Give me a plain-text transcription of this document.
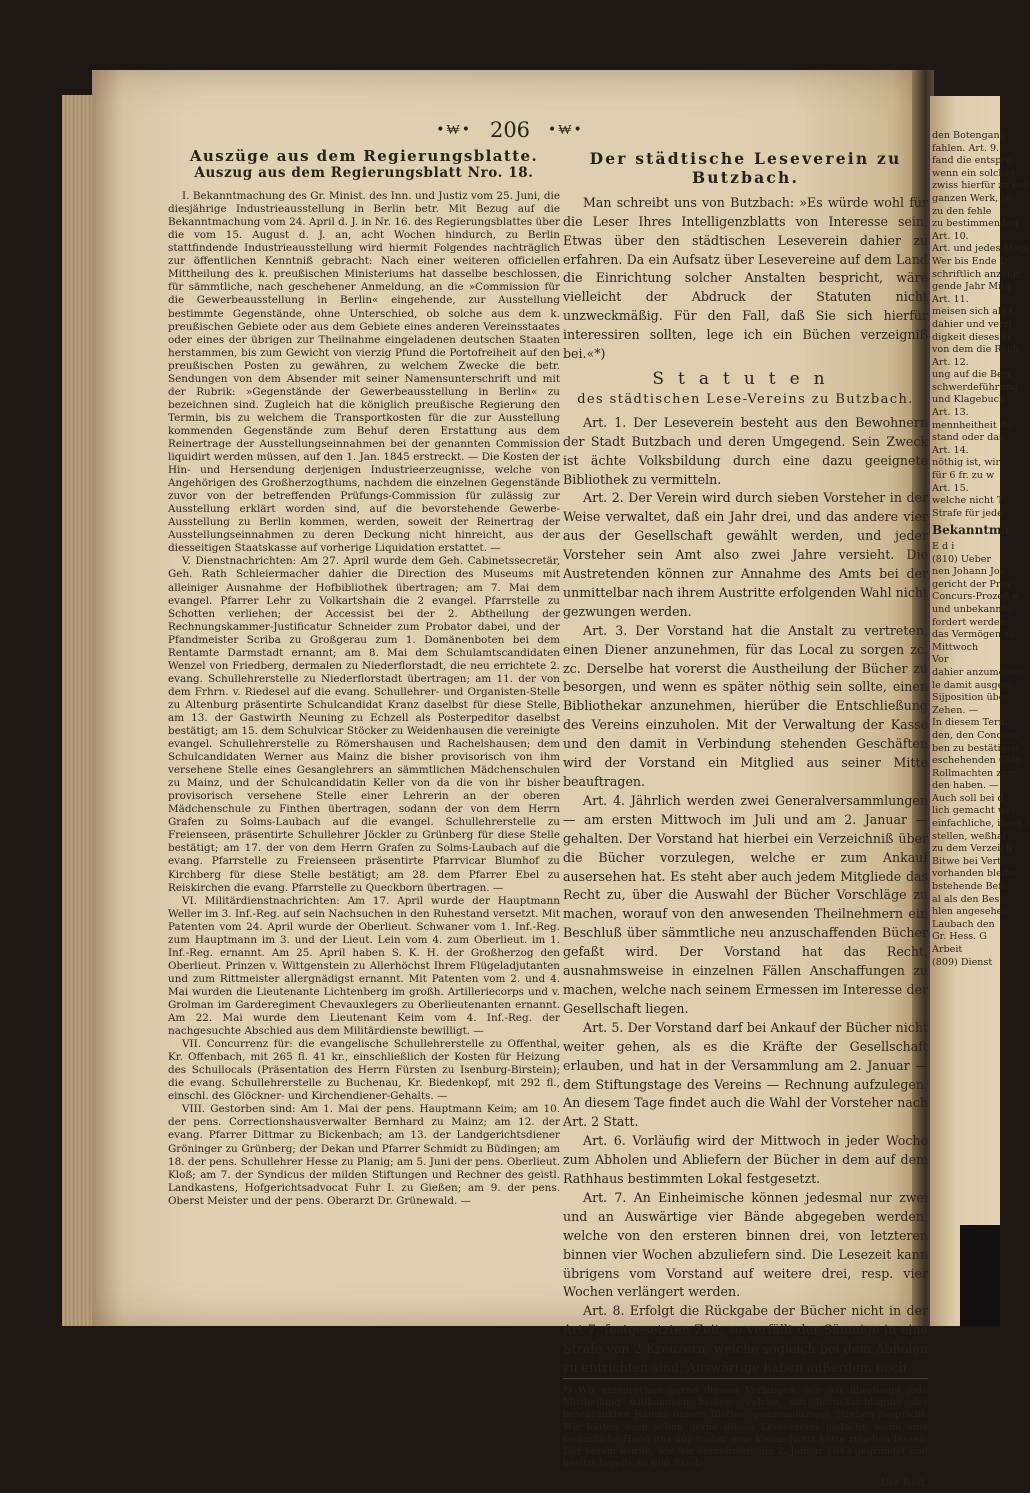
•₩• 206 •₩•
Auszüge aus dem Regierungsblatte.
Auszug aus dem Regierungsblatt Nro. 18.

I. Bekanntmachung des Gr. Minist. des Inn. und Justiz vom 25. Juni, die diesjährige Industrieausstellung in Berlin betr. Mit Bezug auf die Bekanntmachung vom 24. April d. J. in Nr. 16. des Regierungsblattes über die vom 15. August d. J. an, acht Wochen hindurch, zu Berlin stattfindende Industrieausstellung wird hiermit Folgendes nachträglich zur öffentlichen Kenntniß gebracht: Nach einer weiteren officiellen Mittheilung des k. preußischen Ministeriums hat dasselbe beschlossen, für sämmtliche, nach geschehener Anmeldung, an die »Commission für die Gewerbeausstellung in Berlin« eingehende, zur Ausstellung bestimmte Gegenstände, ohne Unterschied, ob solche aus dem k. preußischen Gebiete oder aus dem Gebiete eines anderen Vereinsstaates oder eines der übrigen zur Theilnahme eingeladenen deutschen Staaten herstammen, bis zum Gewicht von vierzig Pfund die Portofreiheit auf den preußischen Posten zu gewähren, zu welchem Zwecke die betr. Sendungen von dem Absender mit seiner Namensunterschrift und mit der Rubrik: »Gegenstände der Gewerbeausstellung in Berlin« zu bezeichnen sind. Zugleich hat die königlich preußische Regierung den Termin, bis zu welchem die Transportkosten für die zur Ausstellung kommenden Gegenstände zum Behuf deren Erstattung aus dem Reinertrage der Ausstellungseinnahmen bei der genannten Commission liquidirt werden müssen, auf den 1. Jan. 1845 erstreckt. — Die Kosten der Hin- und Hersendung derjenigen Industrieerzeugnisse, welche von Angehörigen des Großherzogthums, nachdem die einzelnen Gegenstände zuvor von der betreffenden Prüfungs-Commission für zulässig zur Ausstellung erklärt worden sind, auf die bevorstehende Gewerbe-Ausstellung zu Berlin kommen, werden, soweit der Reinertrag der Ausstellungseinnahmen zu deren Deckung nicht hinreicht, aus der diesseitigen Staatskasse auf vorherige Liquidation erstattet. —

V. Dienstnachrichten: Am 27. April wurde dem Geh. Cabinetssecretär, Geh. Rath Schleiermacher dahier die Direction des Museums mit alleiniger Ausnahme der Hofbibliothek übertragen; am 7. Mai dem evangel. Pfarrer Lehr zu Volkartshain die 2 evangel. Pfarrstelle zu Schotten verliehen; der Accessist bei der 2. Abtheilung der Rechnungskammer-Justificatur Schneider zum Probator dabei, und der Pfandmeister Scriba zu Großgerau zum 1. Domänenboten bei dem Rentamte Darmstadt ernannt; am 8. Mai dem Schulamtscandidaten Wenzel von Friedberg, dermalen zu Niederflorstadt, die neu errichtete 2. evang. Schullehrerstelle zu Niederflorstadt übertragen; am 11. der von dem Frhrn. v. Riedesel auf die evang. Schullehrer- und Organisten-Stelle zu Altenburg präsentirte Schulcandidat Kranz daselbst für diese Stelle, am 13. der Gastwirth Neuning zu Echzell als Posterpeditor daselbst bestätigt; am 15. dem Schulvicar Stöcker zu Weidenhausen die vereinigte evangel. Schullehrerstelle zu Römershausen und Rachelshausen; dem Schulcandidaten Werner aus Mainz die bisher provisorisch von ihm versehene Stelle eines Gesanglehrers an sämmtlichen Mädchenschulen zu Mainz, und der Schulcandidatin Keller von da die von ihr bisher provisorisch versehene Stelle einer Lehrerin an der oberen Mädchenschule zu Finthen übertragen, sodann der von dem Herrn Grafen zu Solms-Laubach auf die evangel. Schullehrerstelle zu Freienseen, präsentirte Schullehrer Jöckler zu Grünberg für diese Stelle bestätigt; am 17. der von dem Herrn Grafen zu Solms-Laubach auf die evang. Pfarrstelle zu Freienseen präsentirte Pfarrvicar Blumhof zu Kirchberg für diese Stelle bestätigt; am 28. dem Pfarrer Ebel zu Reiskirchen die evang. Pfarrstelle zu Queckborn übertragen. —

VI. Militärdienstnachrichten: Am 17. April wurde der Hauptmann Weller im 3. Inf.-Reg. auf sein Nachsuchen in den Ruhestand versetzt. Mit Patenten vom 24. April wurde der Oberlieut. Schwaner vom 1. Inf.-Reg. zum Hauptmann im 3. und der Lieut. Lein vom 4. zum Oberlieut. im 1. Inf.-Reg. ernannt. Am 25. April haben S. K. H. der Großherzog den Oberlieut. Prinzen v. Wittgenstein zu Allerhöchst Ihrem Flügeladjutanten und zum Rittmeister allergnädigst ernannt. Mit Patenten vom 2. und 4. Mai wurden die Lieutenante Lichtenberg im großh. Artilleriecorps und v. Grolman im Garderegiment Chevauxlegers zu Oberlieutenanten ernannt. Am 22. Mai wurde dem Lieutenant Keim vom 4. Inf.-Reg. der nachgesuchte Abschied aus dem Militärdienste bewilligt. —

VII. Concurrenz für: die evangelische Schullehrerstelle zu Offenthal, Kr. Offenbach, mit 265 fl. 41 kr., einschließlich der Kosten für Heizung des Schullocals (Präsentation des Herrn Fürsten zu Isenburg-Birstein); die evang. Schullehrerstelle zu Buchenau, Kr. Biedenkopf, mit 292 fl., einschl. des Glöckner- und Kirchendiener-Gehalts. —

VIII. Gestorben sind: Am 1. Mai der pens. Hauptmann Keim; am 10. der pens. Correctionshausverwalter Bernhard zu Mainz; am 12. der evang. Pfarrer Dittmar zu Bickenbach; am 13. der Landgerichtsdiener Gröninger zu Grünberg; der Dekan und Pfarrer Schmidt zu Büdingen; am 18. der pens. Schullehrer Hesse zu Planig; am 5. Juni der pens. Oberlieut. Kloß; am 7. der Syndicus der milden Stiftungen und Rechner des geistl. Landkastens, Hofgerichtsadvocat Fuhr I. zu Gießen; am 9. der pens. Oberst Meister und der pens. Oberarzt Dr. Grünewald. —

Der städtische Leseverein zu Butzbach.

Man schreibt uns von Butzbach: »Es würde wohl für die Leser Ihres Intelligenzblatts von Interesse sein, Etwas über den städtischen Leseverein dahier zu erfahren. Da ein Aufsatz über Lesevereine auf dem Land die Einrichtung solcher Anstalten bespricht, wäre vielleicht der Abdruck der Statuten nicht unzweckmäßig. Für den Fall, daß Sie sich hierfür interessiren sollten, lege ich ein Büchen verzeigniß bei.«*)

Statuten
des städtischen Lese-Vereins zu Butzbach.

Art. 1. Der Leseverein besteht aus den Bewohnern der Stadt Butzbach und deren Umgegend. Sein Zweck ist ächte Volksbildung durch eine dazu geeignete Bibliothek zu vermitteln.

Art. 2. Der Verein wird durch sieben Vorsteher in der Weise verwaltet, daß ein Jahr drei, und das andere vier aus der Gesellschaft gewählt werden, und jeder Vorsteher sein Amt also zwei Jahre versieht. Die Austretenden können zur Annahme des Amts bei der unmittelbar nach ihrem Austritte erfolgenden Wahl nicht gezwungen werden.

Art. 3. Der Vorstand hat die Anstalt zu vertreten, einen Diener anzunehmen, für das Local zu sorgen zc. zc. Derselbe hat vorerst die Austheilung der Bücher zu besorgen, und wenn es später nöthig sein sollte, einen Bibliothekar anzunehmen, hierüber die Entschließung des Vereins einzuholen. Mit der Verwaltung der Kasse und den damit in Verbindung stehenden Geschäften wird der Vorstand ein Mitglied aus seiner Mitte beauftragen.

Art. 4. Jährlich werden zwei Generalversammlungen — am ersten Mittwoch im Juli und am 2. Januar — gehalten. Der Vorstand hat hierbei ein Verzeichniß über die Bücher vorzulegen, welche er zum Ankauf ausersehen hat. Es steht aber auch jedem Mitgliede das Recht zu, über die Auswahl der Bücher Vorschläge zu machen, worauf von den anwesenden Theilnehmern ein Beschluß über sämmtliche neu anzuschaffenden Bücher gefaßt wird. Der Vorstand hat das Recht, ausnahmsweise in einzelnen Fällen Anschaffungen zu machen, welche nach seinem Ermessen im Interesse der Gesellschaft liegen.

Art. 5. Der Vorstand darf bei Ankauf der Bücher nicht weiter gehen, als es die Kräfte der Gesellschaft erlauben, und hat in der Versammlung am 2. Januar — dem Stiftungstage des Vereins — Rechnung aufzulegen. An diesem Tage findet auch die Wahl der Vorsteher nach Art. 2 Statt.

Art. 6. Vorläufig wird der Mittwoch in jeder Woche zum Abholen und Abliefern der Bücher in dem auf dem Rathhaus bestimmten Lokal festgesetzt.

Art. 7. An Einheimische können jedesmal nur zwei und an Auswärtige vier Bände abgegeben werden, welche von den ersteren binnen drei, von letzteren binnen vier Wochen abzuliefern sind. Die Lesezeit kann übrigens vom Vorstand auf weitere drei, resp. vier Wochen verlängert werden.

Art. 8. Erfolgt die Rückgabe der Bücher nicht in der Art 7. festgesetzten Zeit, so verfällt der Säumige in eine Strafe von 2 Kreuzern, welche sogleich bei dem Abholen zu entrichten sind. Auswärtige haben außerdem noch

*) Wir entsprechen gerne diesem Verlangen, wie wir überhaupt jede Mittheilung willkommen heißen, welche, mit Berücksichtigung des beschränkten Raums unsers Blattes, gemeinnütziges Streben bespricht. Wir hätten auch schon gerne dieses Lesevereins gedacht, wenn eine freundliche Hand uns nur früher eine kleine Notiz hätte zugehen lassen. Der Verein wurde, wie wir vernehmen, am 2. Januar 1843 gegründet und besitzt bereits an 600 Bände.

Die Red.
den Botengang
fahlen. Art. 9.
fand die entspre
wenn ein solches
zwiss hierfür zu ent
ganzen Werk, so
zu den fehle
zu bestimmenden
Art. 10.
Art. und jedes Mitgl
Wer bis Ende D
schriftlich anzeigt,
gende Jahr Mitg
Art. 11.
meisen sich als f
dahier und verzi
digkeit dieses G
von dem die Rech
Art. 12.
ung auf die Berr
schwerdeführung
und Klagebuch
Art. 13.
mennheitheit de
stand oder das
Art. 14.
nöthig ist, wir
für 6 fr. zu w
Art. 15.
welche nicht T
Strafe für jede
Bekanntma
E d i
(810) Ueber
nen Johann Jos
gericht der Prov
Concurs-Prozeß e
und unbekannte
fordert werden,
das Vermögen so
Mittwoch
Vor
dahier anzumelden
le damit ausgesc
Sijposition über
Zehen. —
In diesem Term
den, den Concurs
ben zu bestätigen
eschehenden Gläu
Rollmachten zum
den haben. —
Auch soll bei d
lich gemacht wer
einfachliche, ihres s
stellen, weßhal
zu dem Verzeich
Bitwe bei Vert
vorhanden bleibe
bstehende Befa
al als den Bes
hlen angesehen.
Laubach den
Gr. Hess. G
Arbeit
(809) Dienst
